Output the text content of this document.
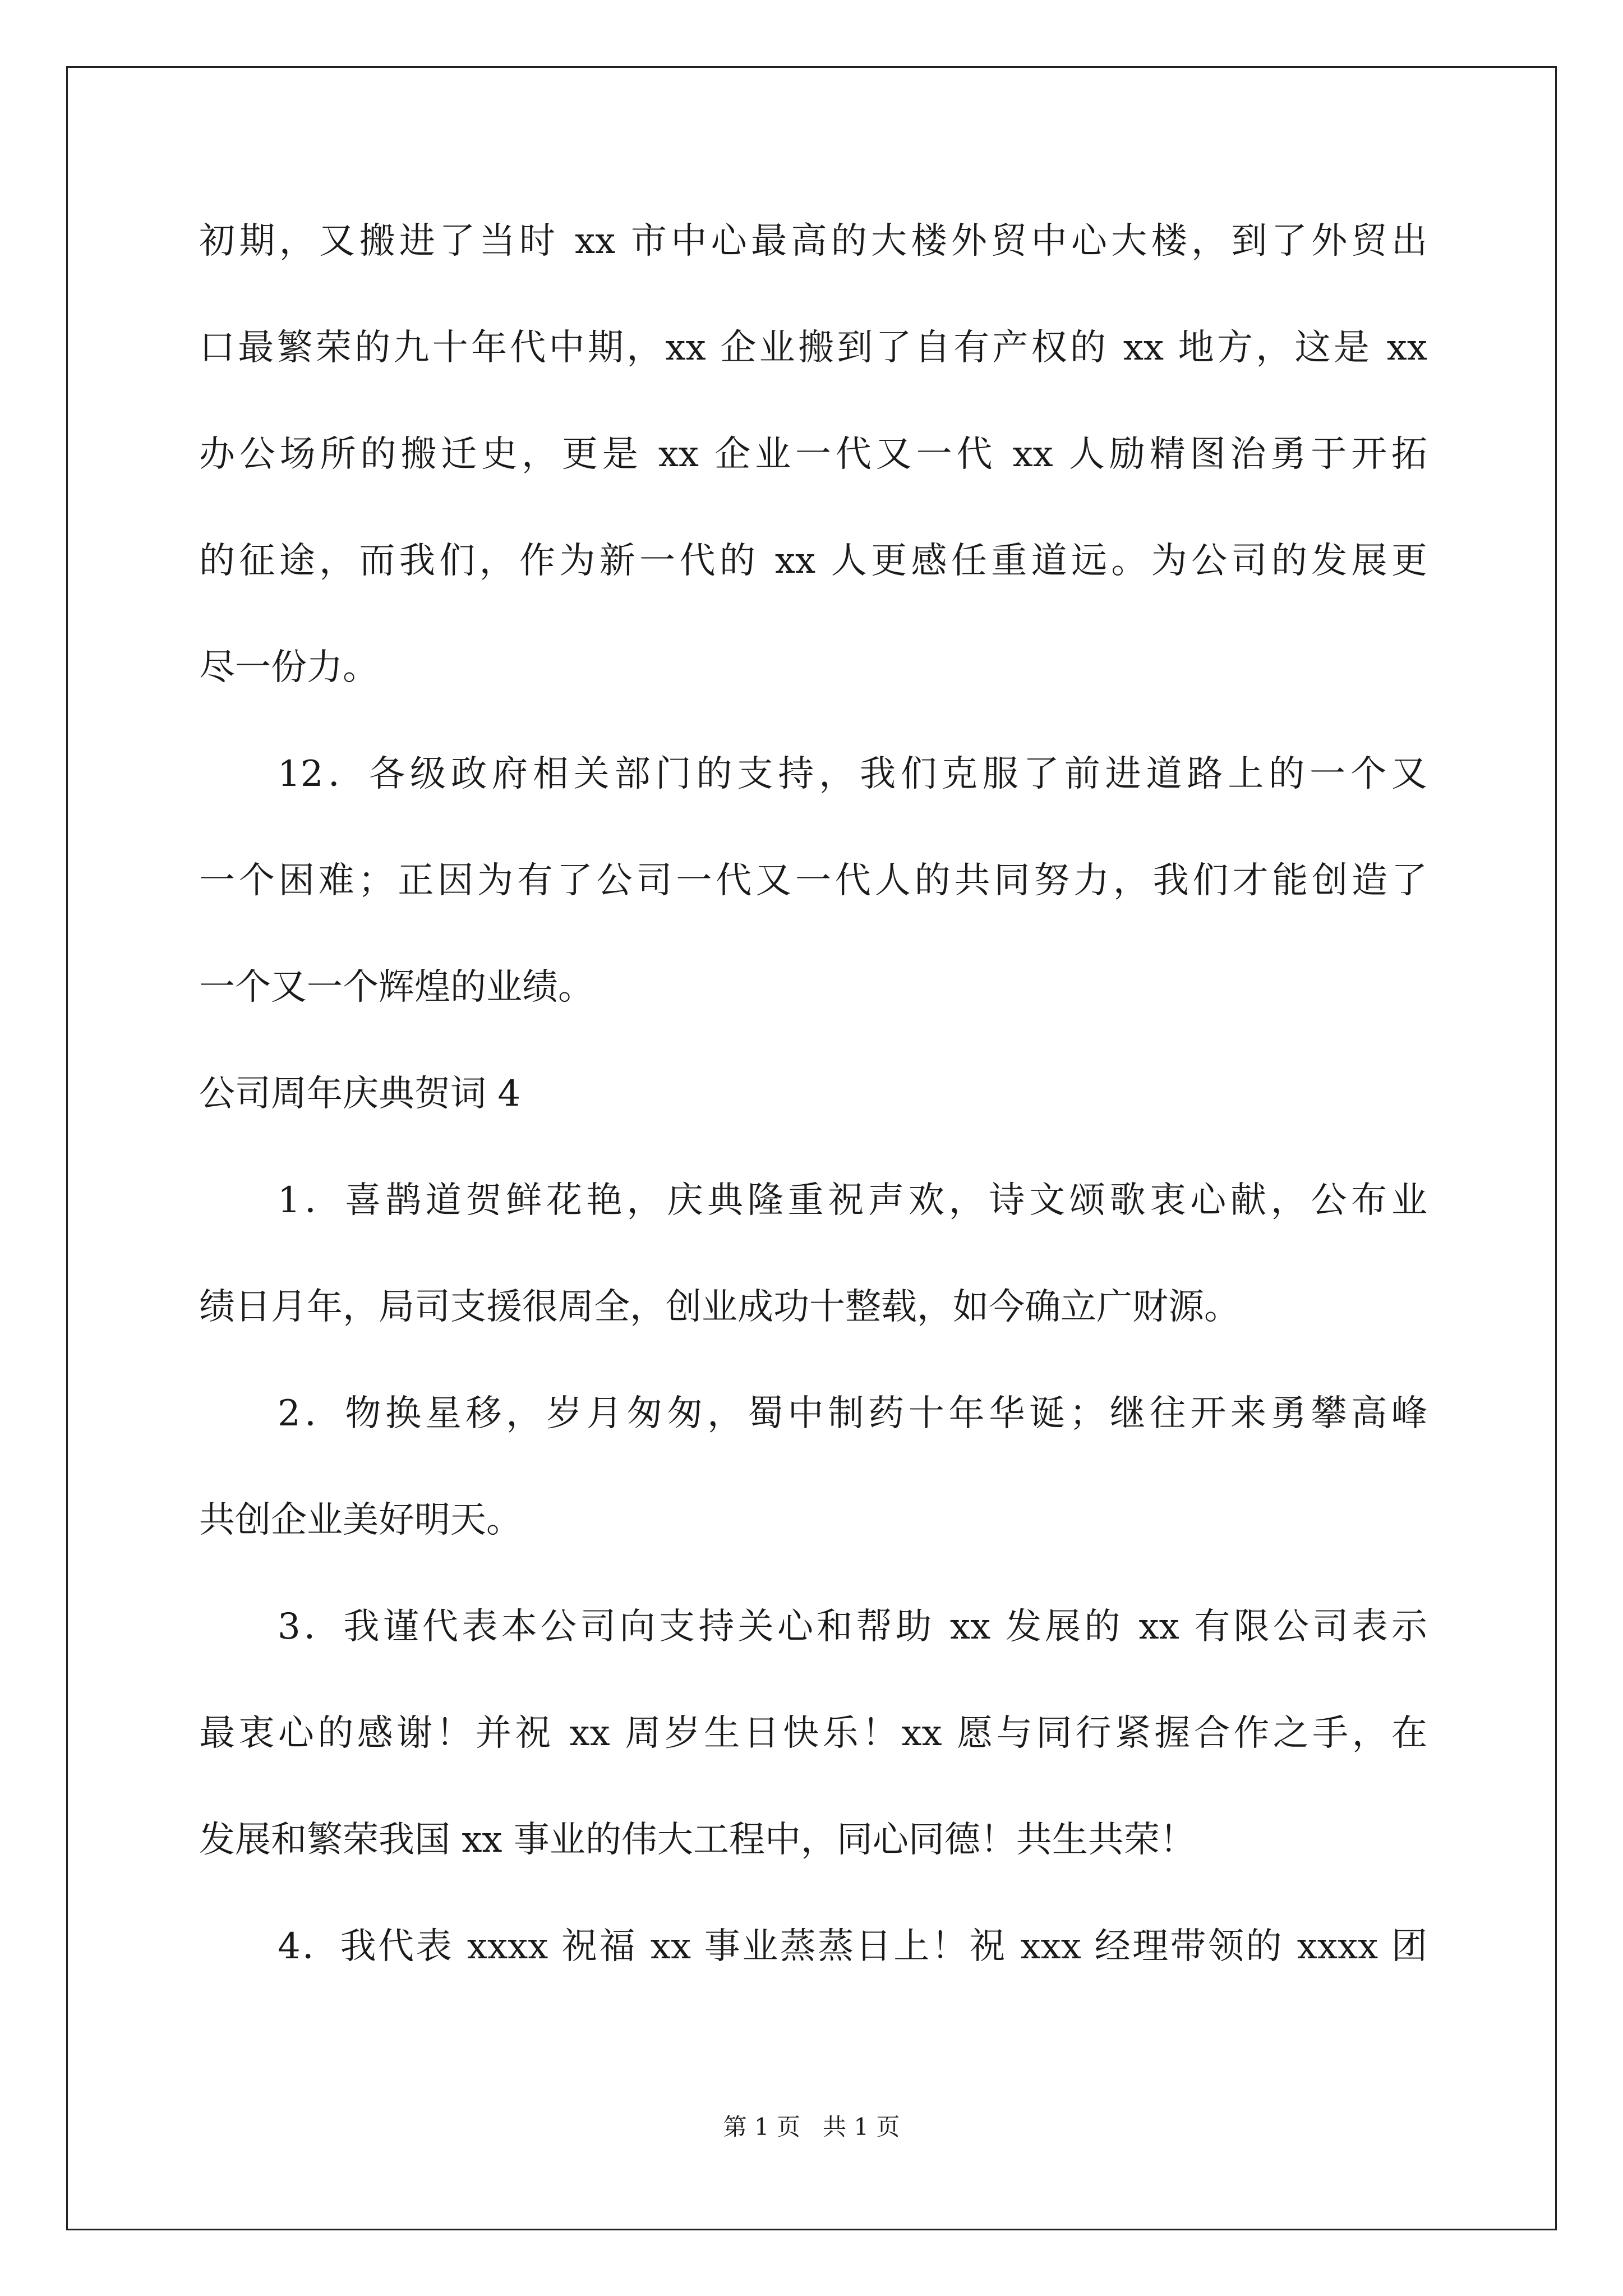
初期，又搬进了当时 xx 市中心最高的大楼外贸中心大楼，到了外贸出
口最繁荣的九十年代中期，xx 企业搬到了自有产权的 xx 地方，这是 xx
办公场所的搬迁史，更是 xx 企业一代又一代 xx 人励精图治勇于开拓
的征途，而我们，作为新一代的 xx 人更感任重道远。为公司的发展更
尽一份力。
12．各级政府相关部门的支持，我们克服了前进道路上的一个又
一个困难；正因为有了公司一代又一代人的共同努力，我们才能创造了
一个又一个辉煌的业绩。
公司周年庆典贺词 4
1．喜鹊道贺鲜花艳，庆典隆重祝声欢，诗文颂歌衷心献，公布业
绩日月年，局司支援很周全，创业成功十整载，如今确立广财源。
2．物换星移，岁月匆匆，蜀中制药十年华诞；继往开来勇攀高峰
共创企业美好明天。
3．我谨代表本公司向支持关心和帮助 xx 发展的 xx 有限公司表示
最衷心的感谢！并祝 xx 周岁生日快乐！xx 愿与同行紧握合作之手，在
发展和繁荣我国 xx 事业的伟大工程中，同心同德！共生共荣！
4．我代表 xxxx 祝福 xx 事业蒸蒸日上！祝 xxx 经理带领的 xxxx 团
第 1 页 共 1 页
